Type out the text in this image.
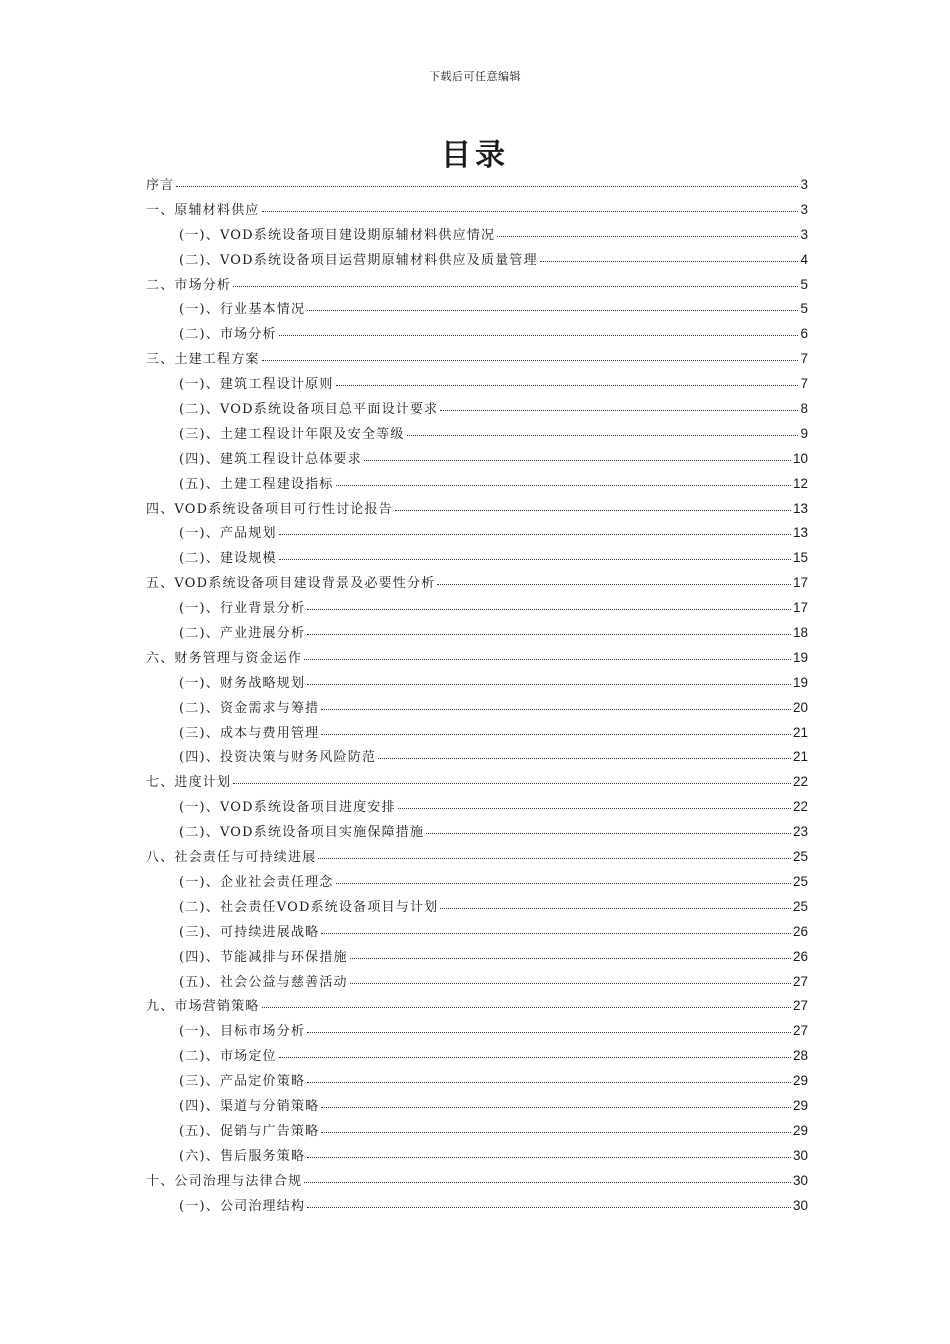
下载后可任意编辑
目录
序言	3
一、原辅材料供应	3
(一)、VOD系统设备项目建设期原辅材料供应情况	3
(二)、VOD系统设备项目运营期原辅材料供应及质量管理	4
二、市场分析	5
(一)、行业基本情况	5
(二)、市场分析	6
三、土建工程方案	7
(一)、建筑工程设计原则	7
(二)、VOD系统设备项目总平面设计要求	8
(三)、土建工程设计年限及安全等级	9
(四)、建筑工程设计总体要求	10
(五)、土建工程建设指标	12
四、VOD系统设备项目可行性讨论报告	13
(一)、产品规划	13
(二)、建设规模	15
五、VOD系统设备项目建设背景及必要性分析	17
(一)、行业背景分析	17
(二)、产业进展分析	18
六、财务管理与资金运作	19
(一)、财务战略规划	19
(二)、资金需求与筹措	20
(三)、成本与费用管理	21
(四)、投资决策与财务风险防范	21
七、进度计划	22
(一)、VOD系统设备项目进度安排	22
(二)、VOD系统设备项目实施保障措施	23
八、社会责任与可持续进展	25
(一)、企业社会责任理念	25
(二)、社会责任VOD系统设备项目与计划	25
(三)、可持续进展战略	26
(四)、节能减排与环保措施	26
(五)、社会公益与慈善活动	27
九、市场营销策略	27
(一)、目标市场分析	27
(二)、市场定位	28
(三)、产品定价策略	29
(四)、渠道与分销策略	29
(五)、促销与广告策略	29
(六)、售后服务策略	30
十、公司治理与法律合规	30
(一)、公司治理结构	30
